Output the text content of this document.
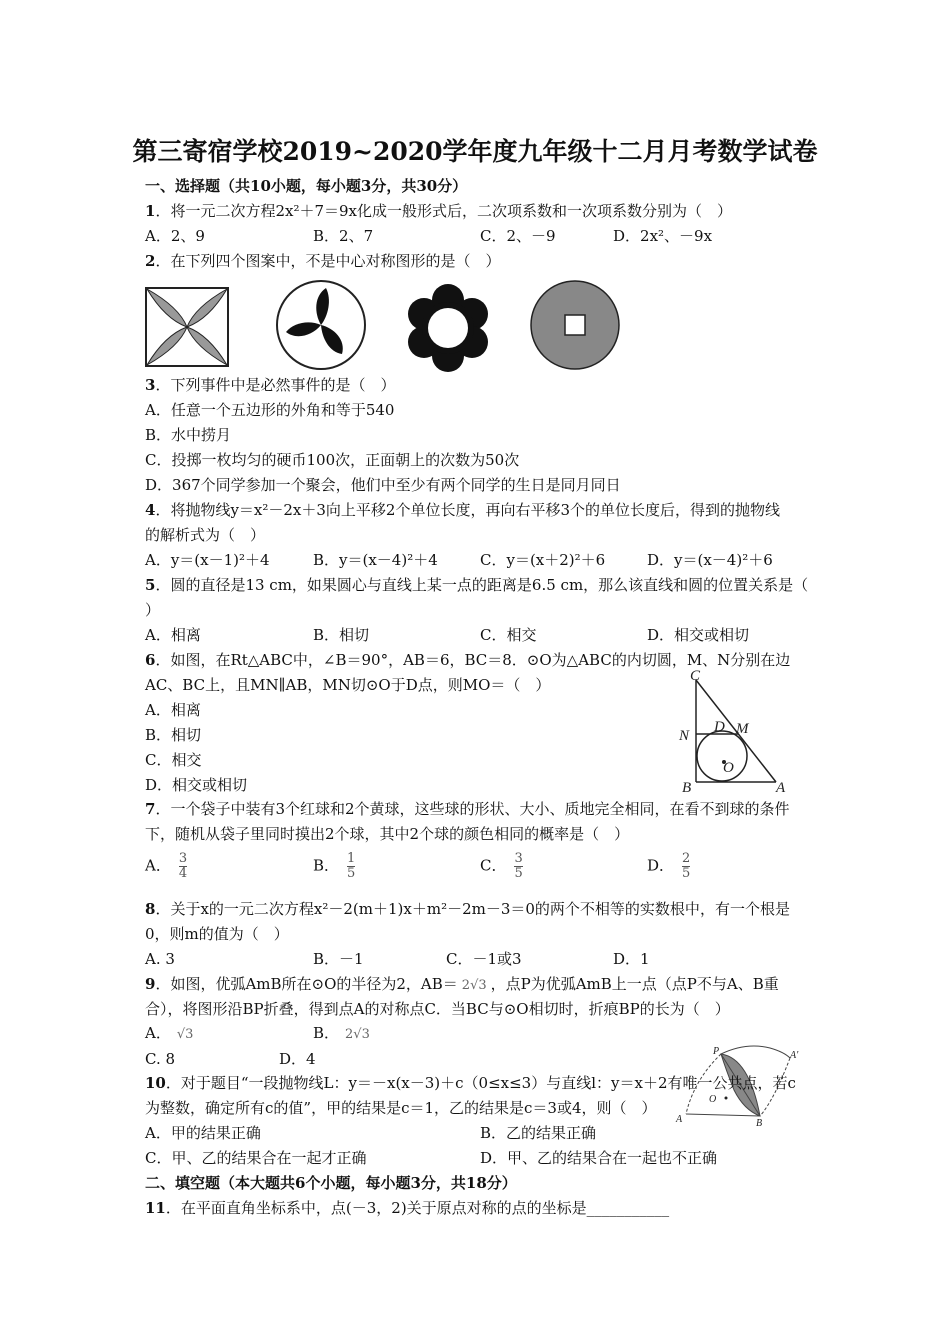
第三寄宿学校2019~2020学年度九年级十二月月考数学试卷
一、选择题（共10小题，每小题3分，共30分）
1．将一元二次方程2x²＋7＝9x化成一般形式后，二次项系数和一次项系数分别为（　）
A．2、9	B．2、7	C．2、－9	D．2x²、－9x
2．在下列四个图案中，不是中心对称图形的是（　）
3．下列事件中是必然事件的是（　）
A．任意一个五边形的外角和等于540
B．水中捞月
C．投掷一枚均匀的硬币100次，正面朝上的次数为50次
D．367个同学参加一个聚会，他们中至少有两个同学的生日是同月同日
4．将抛物线y＝x²－2x＋3向上平移2个单位长度，再向右平移3个的单位长度后，得到的抛物线
的解析式为（　）
A．y＝(x－1)²＋4	B．y＝(x－4)²＋4	C．y＝(x＋2)²＋6	D．y＝(x－4)²＋6
5．圆的直径是13 cm，如果圆心与直线上某一点的距离是6.5 cm，那么该直线和圆的位置关系是（
）
A．相离	B．相切	C．相交	D．相交或相切
6．如图，在Rt△ABC中，∠B＝90°，AB＝6，BC＝8．⊙O为△ABC的内切圆，M、N分别在边
AC、BC上，且MN∥AB，MN切⊙O于D点，则MO＝（　）
A．相离
B．相切
C．相交
D．相交或相切
C
D M
N
B
O
A
7．一个袋子中装有3个红球和2个黄球，这些球的形状、大小、质地完全相同，在看不到球的条件
下，随机从袋子里同时摸出2个球，其中2个球的颜色相同的概率是（　）
A． $\frac{3}{4}$	B． $\frac{1}{5}$	C． $\frac{3}{5}$	D． $\frac{2}{5}$
8．关于x的一元二次方程x²－2(m＋1)x＋m²－2m－3＝0的两个不相等的实数根中，有一个根是
0，则m的值为（　）
A. 3	B．－1	C．－1或3	D．1
9．如图，优弧AmB所在⊙O的半径为2，AB＝ 2√3 ，点P为优弧AmB上一点（点P不与A、B重
合），将图形沿BP折叠，得到点A的对称点C．当BC与⊙O相切时，折痕BP的长为（　）
A． √3	B． 2√3
C. 8	D．4	P	A'
O
A	B
10．对于题目“一段抛物线L：y＝－x(x－3)＋c（0≤x≤3）与直线l：y＝x＋2有唯一公共点，若c
为整数，确定所有c的值”，甲的结果是c＝1，乙的结果是c＝3或4，则（　）
A．甲的结果正确	B．乙的结果正确
C．甲、乙的结果合在一起才正确	D．甲、乙的结果合在一起也不正确
二、填空题（本大题共6个小题，每小题3分，共18分）
11．在平面直角坐标系中，点(－3，2)关于原点对称的点的坐标是___________
